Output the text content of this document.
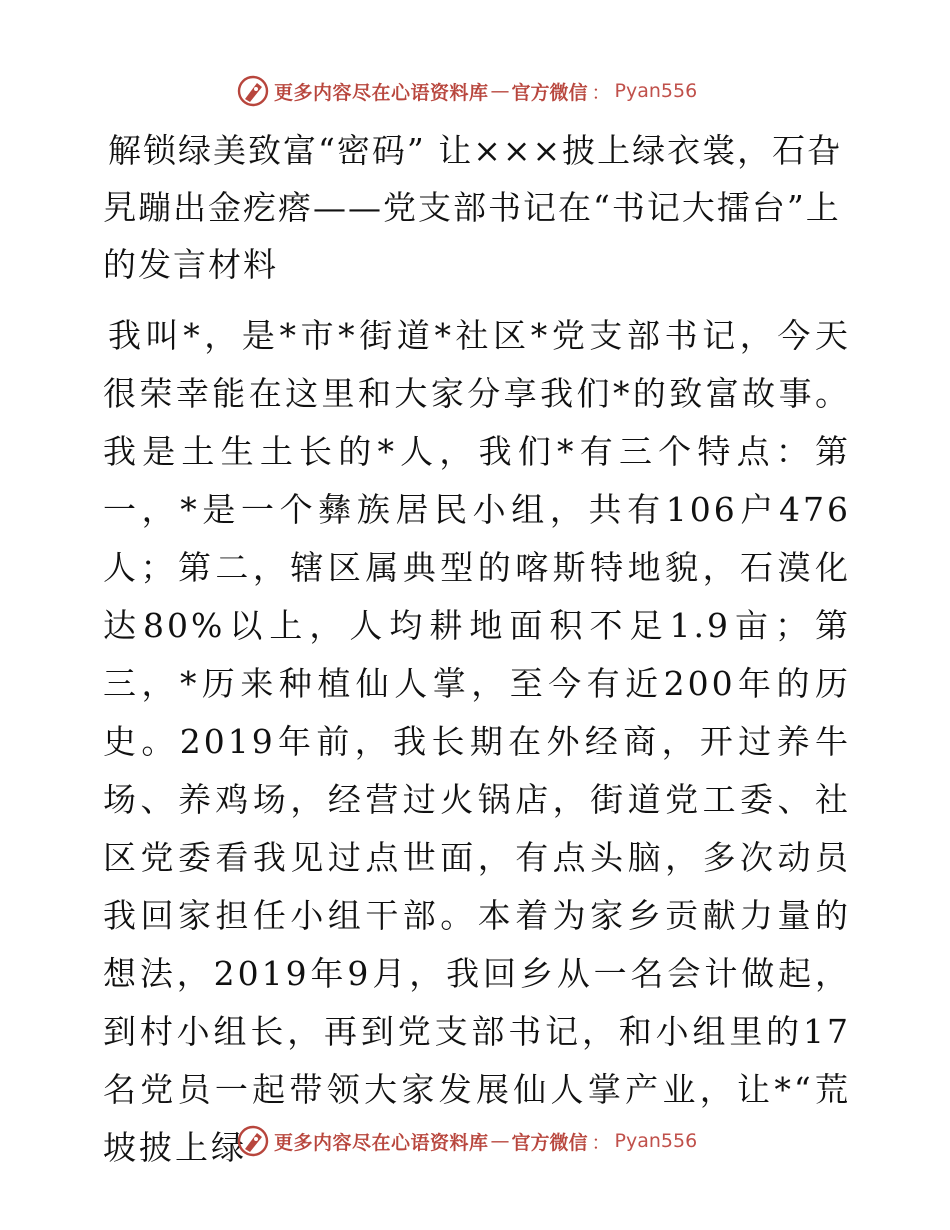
更多内容尽在心语资料库 — 官方微信 ： Pyan556
解锁绿美致富“密码” 让×××披上绿衣裳，石旮旯蹦出金疙瘩——党支部书记在“书记大擂台”上的发言材料

我叫*，是*市*街道*社区*党支部书记，今天很荣幸能在这里和大家分享我们*的致富故事。我是土生土长的*人，我们*有三个特点：第一，*是一个彝族居民小组，共有106户476人；第二，辖区属典型的喀斯特地貌，石漠化达80%以上，人均耕地面积不足1.9亩；第三，*历来种植仙人掌，至今有近200年的历史。2019年前，我长期在外经商，开过养牛场、养鸡场，经营过火锅店，街道党工委、社区党委看我见过点世面，有点头脑，多次动员我回家担任小组干部。本着为家乡贡献力量的想法，2019年9月，我回乡从一名会计做起，到村小组长，再到党支部书记，和小组里的17名党员一起带领大家发展仙人掌产业，让*“荒坡披上绿	更多内容尽在心语资料库 — 官方微信 ： Pyan556
